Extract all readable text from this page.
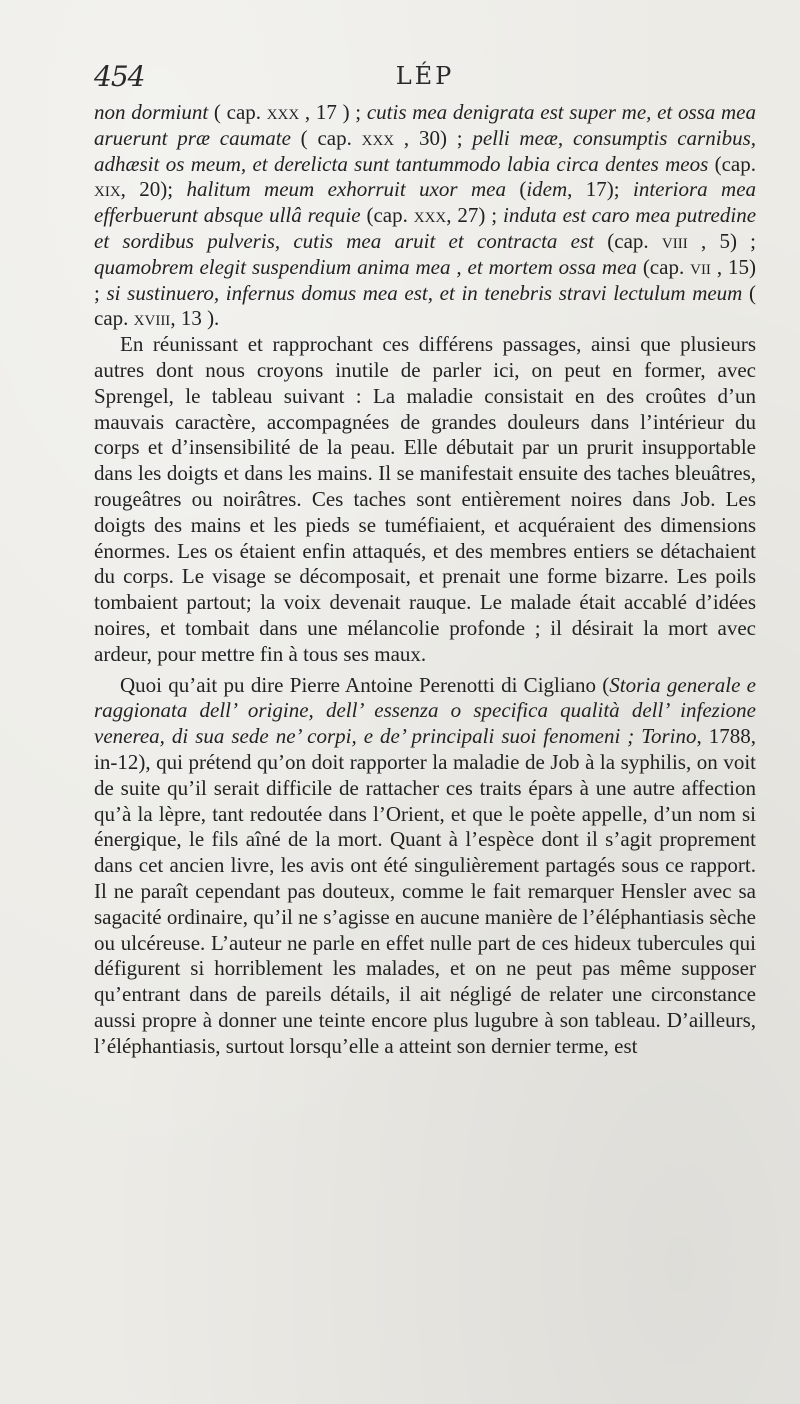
454	LÉP

non dormiunt ( cap. xxx , 17 ) ; cutis mea denigrata est super me, et ossa mea aruerunt præ caumate ( cap. xxx , 30) ; pelli meæ, consumptis carnibus, adhæsit os meum, et derelicta sunt tantummodo labia circa dentes meos (cap. xix, 20); halitum meum exhorruit uxor mea (idem, 17); interiora mea efferbuerunt absque ullâ requie (cap. xxx, 27) ; induta est caro mea putredine et sordibus pulveris, cutis mea aruit et contracta est (cap. viii , 5) ; quamobrem elegit suspendium anima mea , et mortem ossa mea (cap. vii , 15) ; si sustinuero, infernus domus mea est, et in tenebris stravi lectulum meum ( cap. xviii, 13 ).

En réunissant et rapprochant ces différens passages, ainsi que plusieurs autres dont nous croyons inutile de parler ici, on peut en former, avec Sprengel, le tableau suivant : La maladie consistait en des croûtes d’un mauvais caractère, accompagnées de grandes douleurs dans l’intérieur du corps et d’insensibilité de la peau. Elle débutait par un prurit insupportable dans les doigts et dans les mains. Il se manifestait ensuite des taches bleuâtres, rougeâtres ou noirâtres. Ces taches sont entièrement noires dans Job. Les doigts des mains et les pieds se tuméfiaient, et acquéraient des dimensions énormes. Les os étaient enfin attaqués, et des membres entiers se détachaient du corps. Le visage se décomposait, et prenait une forme bizarre. Les poils tombaient partout; la voix devenait rauque. Le malade était accablé d’idées noires, et tombait dans une mélancolie profonde ; il désirait la mort avec ardeur, pour mettre fin à tous ses maux.

Quoi qu’ait pu dire Pierre Antoine Perenotti di Cigliano (Storia generale e raggionata dell’ origine, dell’ essenza o specifica qualità dell’ infezione venerea, di sua sede ne’ corpi, e de’ principali suoi fenomeni ; Torino, 1788, in-12), qui prétend qu’on doit rapporter la maladie de Job à la syphilis, on voit de suite qu’il serait difficile de rattacher ces traits épars à une autre affection qu’à la lèpre, tant redoutée dans l’Orient, et que le poète appelle, d’un nom si énergique, le fils aîné de la mort. Quant à l’espèce dont il s’agit proprement dans cet ancien livre, les avis ont été singulièrement partagés sous ce rapport. Il ne paraît cependant pas douteux, comme le fait remarquer Hensler avec sa sagacité ordinaire, qu’il ne s’agisse en aucune manière de l’éléphantiasis sèche ou ulcéreuse. L’auteur ne parle en effet nulle part de ces hideux tubercules qui défigurent si horriblement les malades, et on ne peut pas même supposer qu’entrant dans de pareils détails, il ait négligé de relater une circonstance aussi propre à donner une teinte encore plus lugubre à son tableau. D’ailleurs, l’éléphantiasis, surtout lorsqu’elle a atteint son dernier terme, est
